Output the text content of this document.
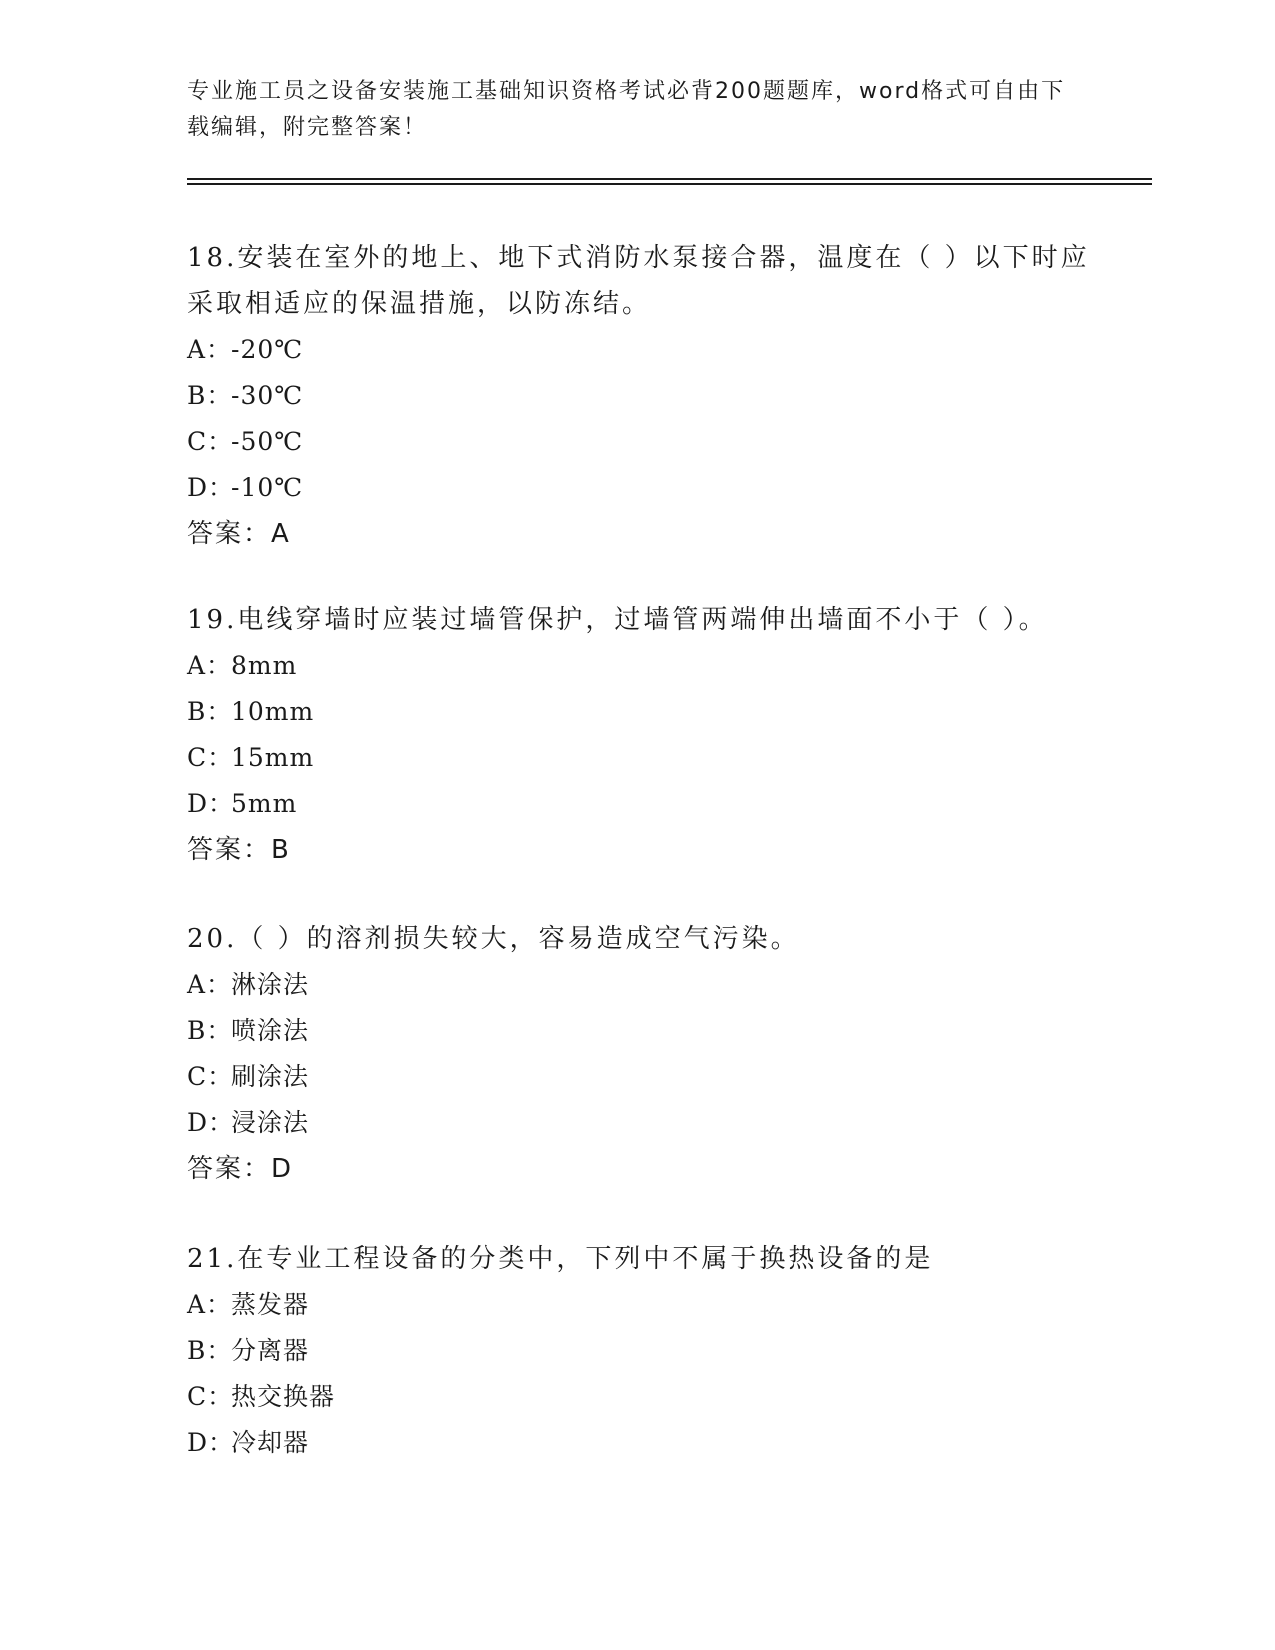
专业施工员之设备安装施工基础知识资格考试必背200题题库，word格式可自由下载编辑，附完整答案！

18.安装在室外的地上、地下式消防水泵接合器，温度在（ ）以下时应采取相适应的保温措施，以防冻结。

A：-20℃
B：-30℃
C：-50℃
D：-10℃
答案：A

19.电线穿墙时应装过墙管保护，过墙管两端伸出墙面不小于（ ）。

A：8mm
B：10mm
C：15mm
D：5mm
答案：B

20.（ ）的溶剂损失较大，容易造成空气污染。

A：淋涂法
B：喷涂法
C：刷涂法
D：浸涂法
答案：D

21.在专业工程设备的分类中，下列中不属于换热设备的是

A：蒸发器
B：分离器
C：热交换器
D：冷却器
